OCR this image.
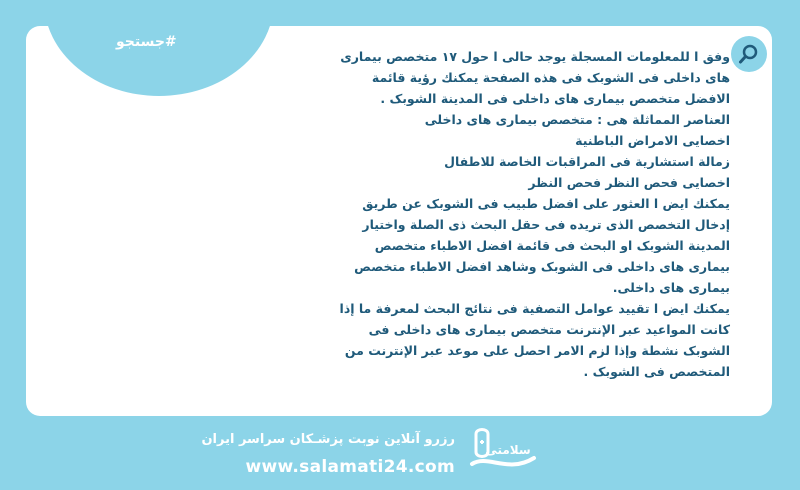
#جستجو

وفق ا للمعلومات المسجلة يوجد حالی ا حول ١٧ متخصص بيماری های داخلی فی الشوبک فی هذه الصفحة يمكنك رؤية قائمة الافضل متخصص بيماری های داخلی فی المدينة الشوبک .

العناصر المماثلة هی : متخصص بيماری های داخلی

اخصایی الامراض الباطنیة

زمالة استشاریة فی المراقبات الخاصة للاطفال

اخصایی فحص النظر فحص النظر

يمكنك ايض ا العثور على افضل طبيب فی الشوبک عن طريق إدخال التخصص الذی تريده فی حقل البحث ذی الصلة واختيار المدينة الشوبک او البحث فی قائمة افضل الاطباء متخصص بيماری های داخلی فی الشوبک وشاهد افضل الاطباء متخصص بيماری های داخلی.

يمكنك ايض ا تقييد عوامل التصفية فی نتائج البحث لمعرفة ما إذا كانت المواعيد عبر الإنترنت متخصص بيماری های داخلی فی الشوبک نشطة وإذا لزم الامر احصل على موعد عبر الإنترنت من المتخصص فی الشوبک .

سلامتی
رزرو آنلاین نوبت پزشـکان سراسر ایران
www.salamati24.com
